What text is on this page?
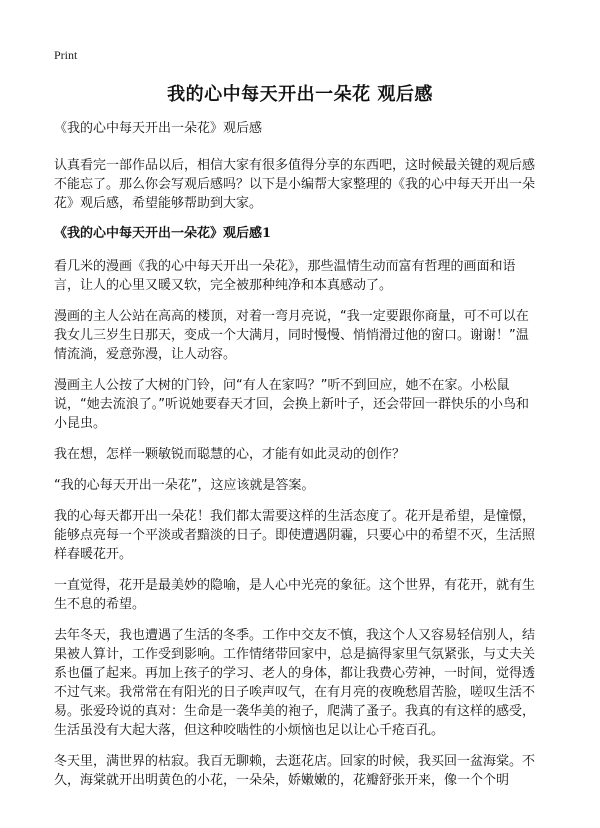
Print
我的心中每天开出一朵花 观后感

《我的心中每天开出一朵花》观后感

认真看完一部作品以后，相信大家有很多值得分享的东西吧，这时候最关键的观后感不能忘了。那么你会写观后感吗？以下是小编帮大家整理的《我的心中每天开出一朵花》观后感，希望能够帮助到大家。

《我的心中每天开出一朵花》观后感1

看几米的漫画《我的心中每天开出一朵花》，那些温情生动而富有哲理的画面和语言，让人的心里又暖又软，完全被那种纯净和本真感动了。

漫画的主人公站在高高的楼顶，对着一弯月亮说，“我一定要跟你商量，可不可以在我女儿三岁生日那天，变成一个大满月，同时慢慢、悄悄滑过他的窗口。谢谢！”温情流淌，爱意弥漫，让人动容。

漫画主人公按了大树的门铃，问“有人在家吗？”听不到回应，她不在家。小松鼠说，“她去流浪了。”听说她要春天才回，会换上新叶子，还会带回一群快乐的小鸟和小昆虫。

我在想，怎样一颗敏锐而聪慧的心，才能有如此灵动的创作？

“我的心每天开出一朵花”，这应该就是答案。

我的心每天都开出一朵花！我们都太需要这样的生活态度了。花开是希望，是憧憬，能够点亮每一个平淡或者黯淡的日子。即使遭遇阴霾，只要心中的希望不灭，生活照样春暖花开。

一直觉得，花开是最美妙的隐喻，是人心中光亮的象征。这个世界，有花开，就有生生不息的希望。

去年冬天，我也遭遇了生活的冬季。工作中交友不慎，我这个人又容易轻信别人，结果被人算计，工作受到影响。工作情绪带回家中，总是搞得家里气氛紧张，与丈夫关系也僵了起来。再加上孩子的学习、老人的身体，都让我费心劳神，一时间，觉得透不过气来。我常常在有阳光的日子唉声叹气，在有月亮的夜晚愁眉苦脸，嗟叹生活不易。张爱玲说的真对：生命是一袭华美的袍子，爬满了蚤子。我真的有这样的感受，生活虽没有大起大落，但这种咬啮性的小烦恼也足以让心千疮百孔。

冬天里，满世界的枯寂。我百无聊赖，去逛花店。回家的时候，我买回一盆海棠。不久，海棠就开出明黄色的小花，一朵朵，娇嫩嫩的，花瓣舒张开来，像一个个明
